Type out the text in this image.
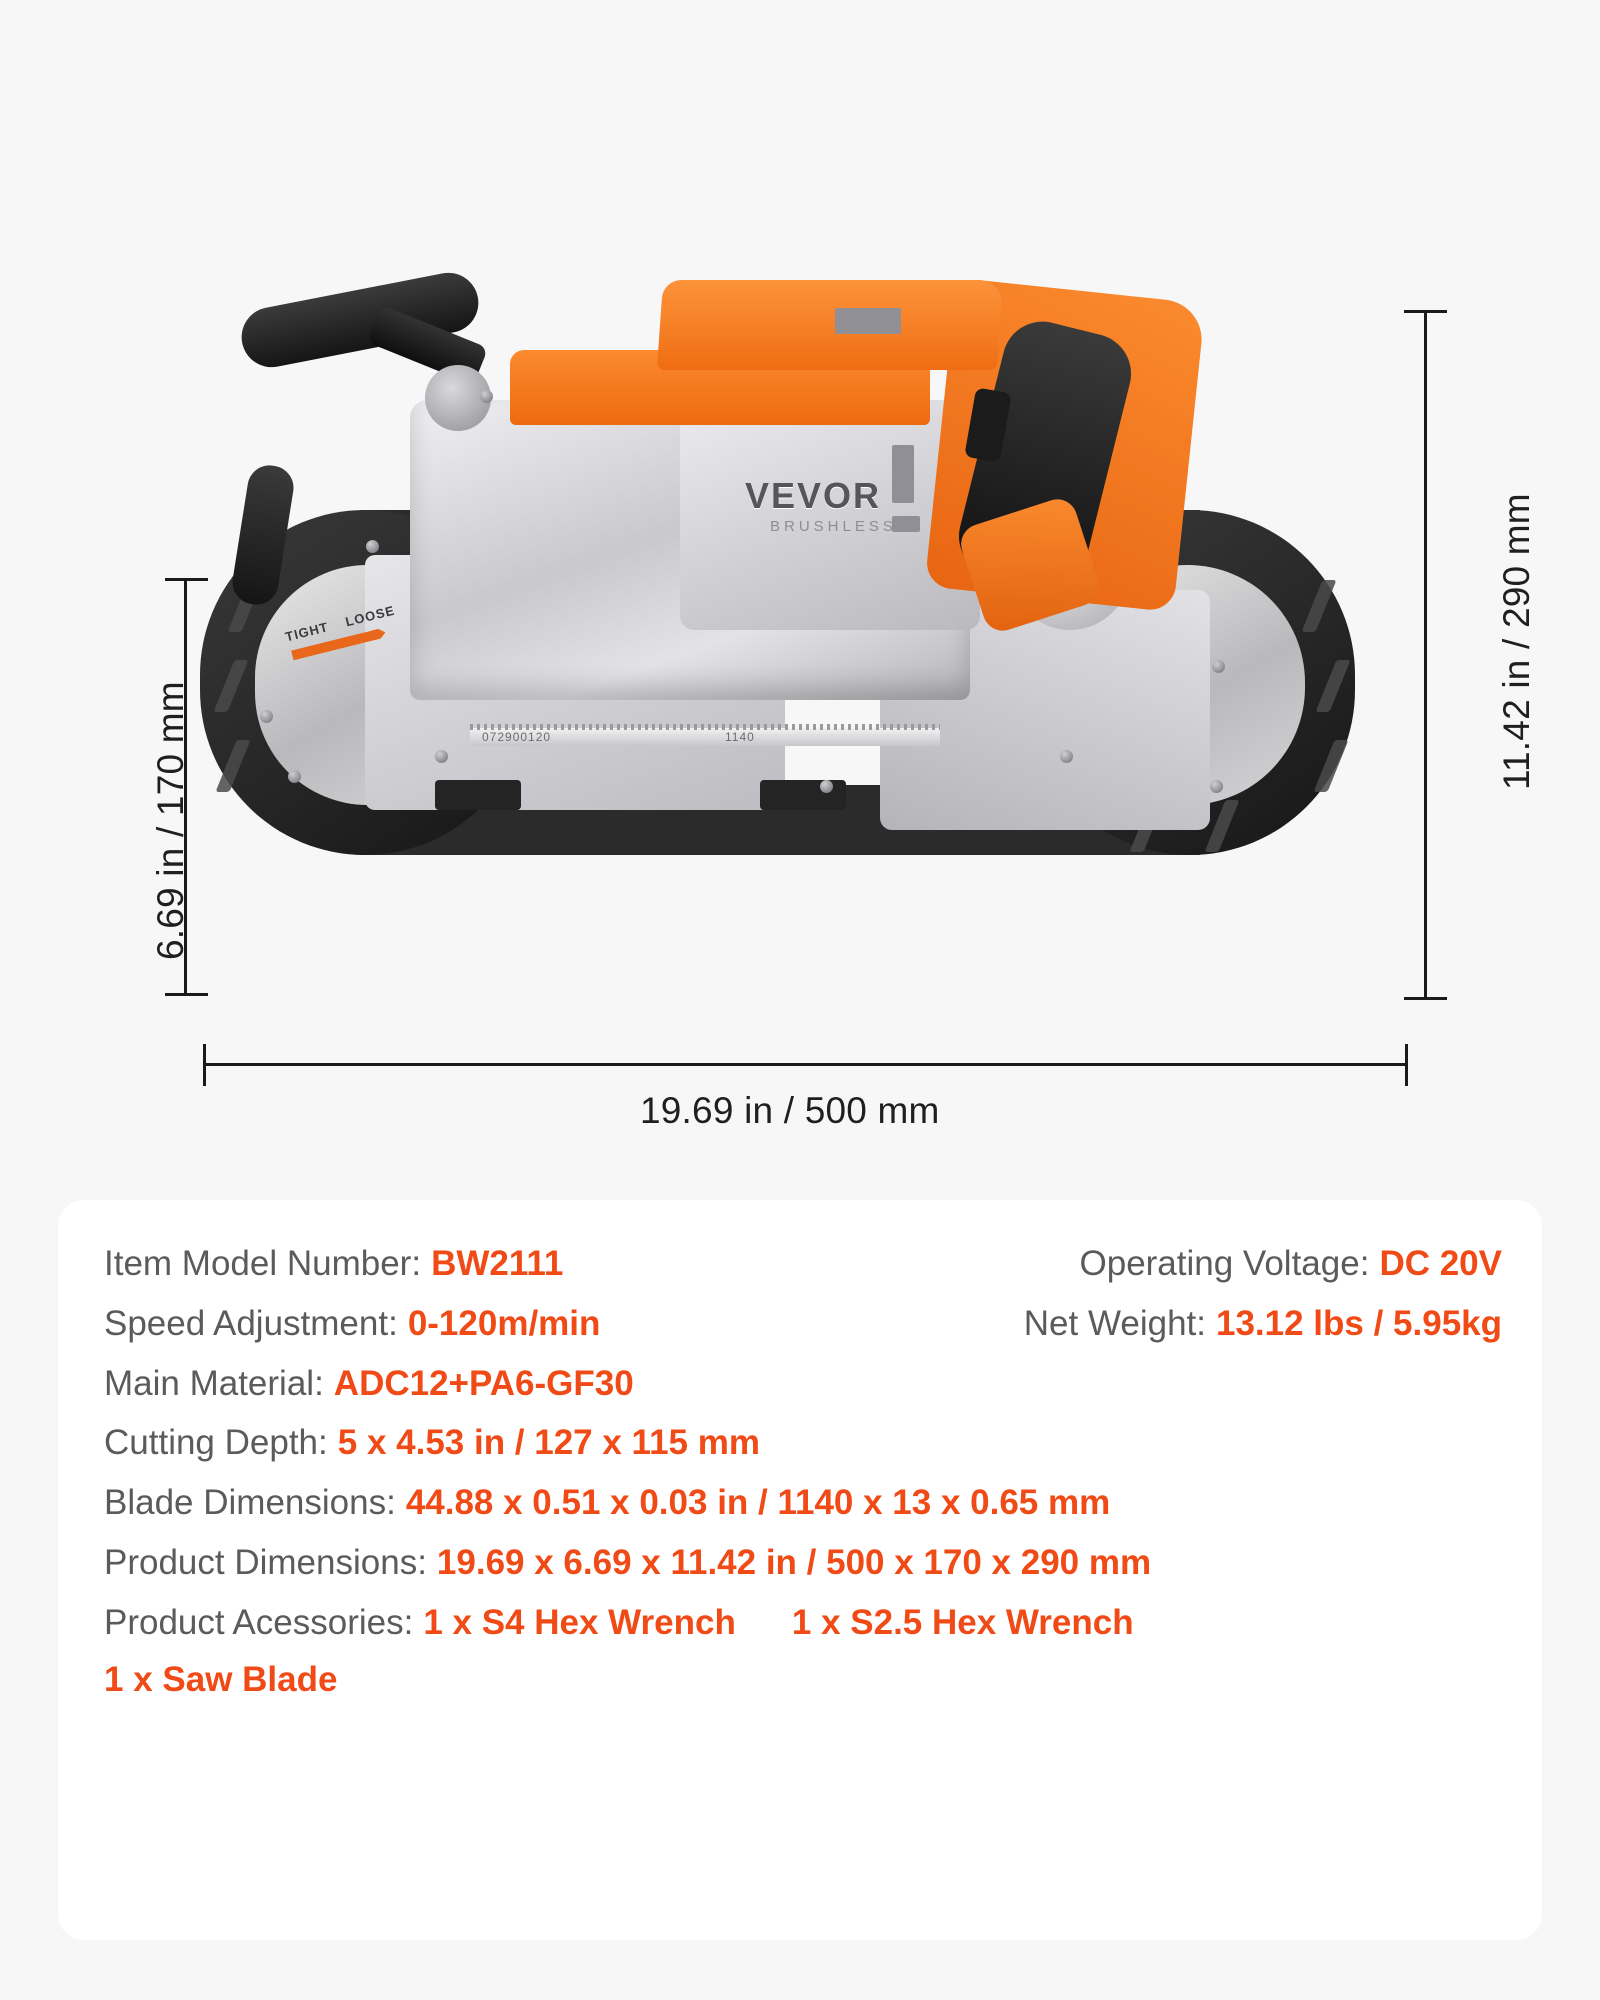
11.42 in / 290 mm
6.69 in / 170 mm
19.69 in / 500 mm
072900120	1140
VEVOR
BRUSHLESS
TIGHT
LOOSE
Item Model Number: BW2111	Operating Voltage: DC 20V
Speed Adjustment: 0-120m/min	Net Weight: 13.12 lbs / 5.95kg
Main Material: ADC12+PA6-GF30
Cutting Depth: 5 x 4.53 in / 127 x 115 mm
Blade Dimensions: 44.88 x 0.51 x 0.03 in / 1140 x 13 x 0.65 mm
Product Dimensions: 19.69 x 6.69 x 11.42 in / 500 x 170 x 290 mm
Product Acessories: 1 x S4 Hex Wrench 1 x S2.5 Hex Wrench
1 x Saw Blade
